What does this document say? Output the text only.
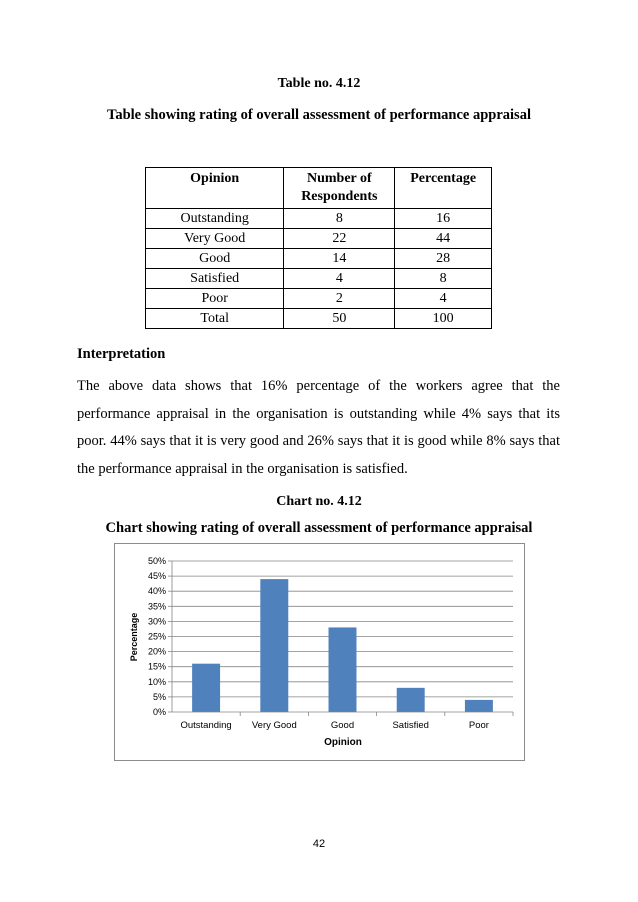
Table no. 4.12
Table showing rating of overall assessment of performance appraisal
Opinion	Number of Respondents	Percentage
Outstanding	8	16
Very Good	22	44
Good	14	28
Satisfied	4	8
Poor	2	4
Total	50	100
Interpretation

The above data shows that 16% percentage of the workers agree that the performance appraisal in the organisation is outstanding while 4% says that its poor. 44% says that it is very good and 26% says that it is good while 8% says that the performance appraisal in the organisation is satisfied.

Chart no. 4.12
Chart showing rating of overall assessment of performance appraisal
0%
5%
10%
15%
20%
25%
30%
35%
40%
45%
50%
Outstanding Very Good	Good	Satisfied	Poor
Percentage
Opinion
42
